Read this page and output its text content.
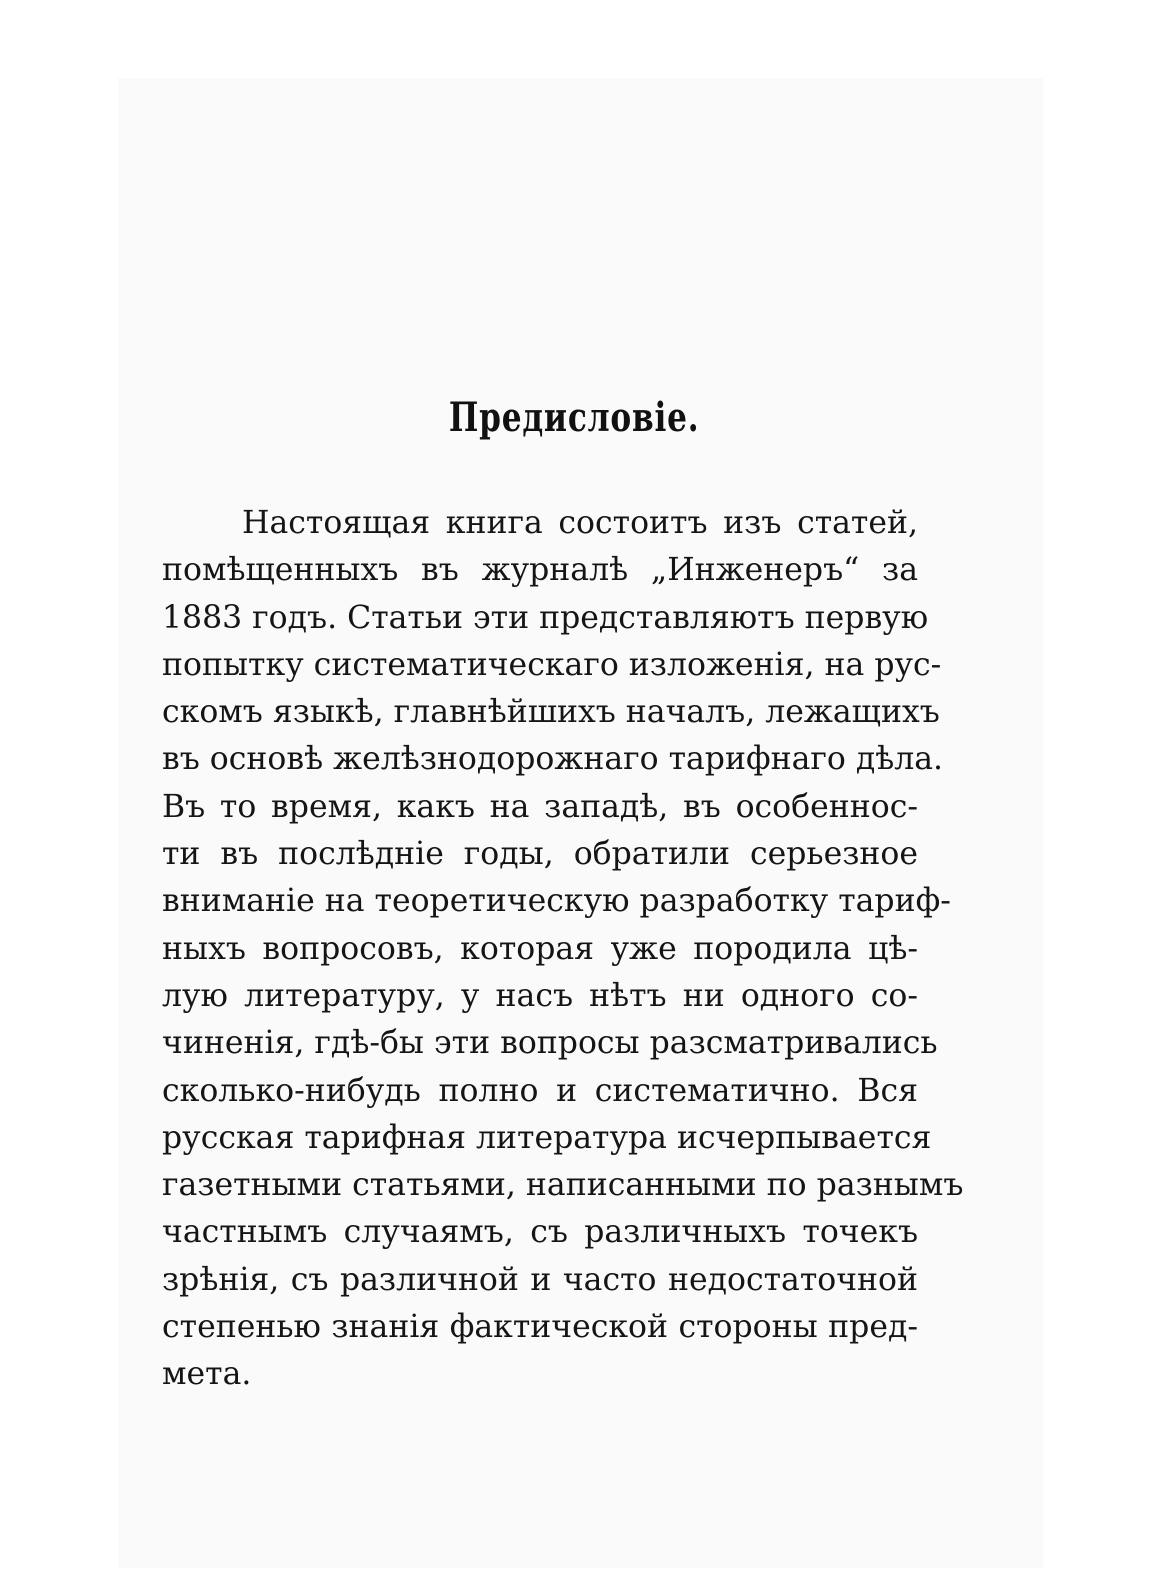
Предисловіе.
Настоящая книга состоитъ изъ статей,
помѣщенныхъ въ журналѣ „Инженеръ“ за
1883 годъ. Статьи эти представляютъ первую
попытку систематическаго изложенія, на рус-
скомъ языкѣ, главнѣйшихъ началъ, лежащихъ
въ основѣ желѣзнодорожнаго тарифнаго дѣла.
Въ то время, какъ на западѣ, въ особеннос-
ти въ послѣдніе годы, обратили серьезное
вниманіе на теоретическую разработку тариф-
ныхъ вопросовъ, которая уже породила цѣ-
лую литературу, у насъ нѣтъ ни одного со-
чиненія, гдѣ-бы эти вопросы разсматривались
сколько-нибудь полно и систематично. Вся
русская тарифная литература исчерпывается
газетными статьями, написанными по разнымъ
частнымъ случаямъ, съ различныхъ точекъ
зрѣнія, съ различной и часто недостаточной
степенью знанія фактической стороны пред-
мета.
